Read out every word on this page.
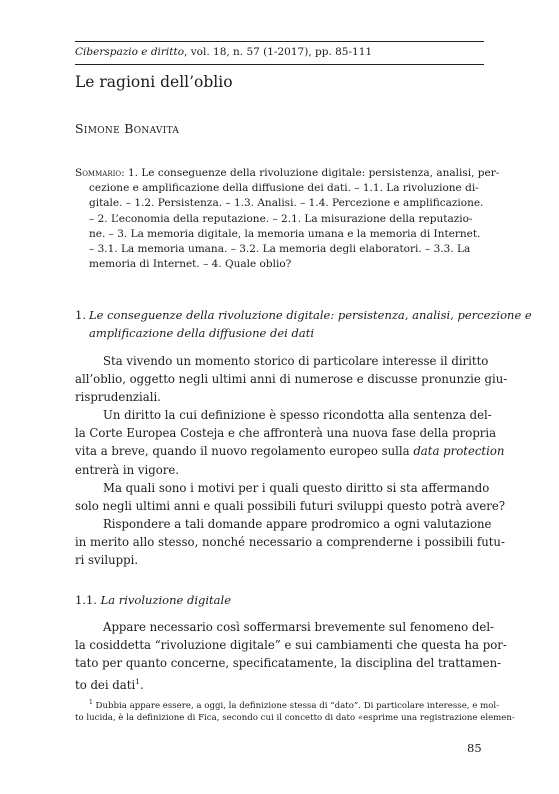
Ciberspazio e diritto, vol. 18, n. 57 (1-2017), pp. 85-111
Le ragioni dell’oblio
Simone Bonavita
Sommario: 1. Le conseguenze della rivoluzione digitale: persistenza, analisi, per-
cezione e amplificazione della diffusione dei dati. – 1.1. La rivoluzione di-
gitale. – 1.2. Persistenza. – 1.3. Analisi. – 1.4. Percezione e amplificazione.
– 2. L’economia della reputazione. – 2.1. La misurazione della reputazio-
ne. – 3. La memoria digitale, la memoria umana e la memoria di Internet.
– 3.1. La memoria umana. – 3.2. La memoria degli elaboratori. – 3.3. La
memoria di Internet. – 4. Quale oblio?
1. Le conseguenze della rivoluzione digitale: persistenza, analisi, percezione e
amplificazione della diffusione dei dati
Sta vivendo un momento storico di particolare interesse il diritto
all’oblio, oggetto negli ultimi anni di numerose e discusse pronunzie giu-
risprudenziali.
Un diritto la cui definizione è spesso ricondotta alla sentenza del-
la Corte Europea Costeja e che affronterà una nuova fase della propria
vita a breve, quando il nuovo regolamento europeo sulla data protection
entrerà in vigore.
Ma quali sono i motivi per i quali questo diritto si sta affermando
solo negli ultimi anni e quali possibili futuri sviluppi questo potrà avere?
Rispondere a tali domande appare prodromico a ogni valutazione
in merito allo stesso, nonché necessario a comprenderne i possibili futu-
ri sviluppi.
1.1. La rivoluzione digitale
Appare necessario così soffermarsi brevemente sul fenomeno del-
la cosiddetta “rivoluzione digitale” e sui cambiamenti che questa ha por-
tato per quanto concerne, specificatamente, la disciplina del trattamen-
to dei dati$^1$.
$^1$ Dubbia appare essere, a oggi, la definizione stessa di “dato”. Di particolare interesse, e mol-
to lucida, è la definizione di Fica, secondo cui il concetto di dato «esprime una registrazione elemen-
85
